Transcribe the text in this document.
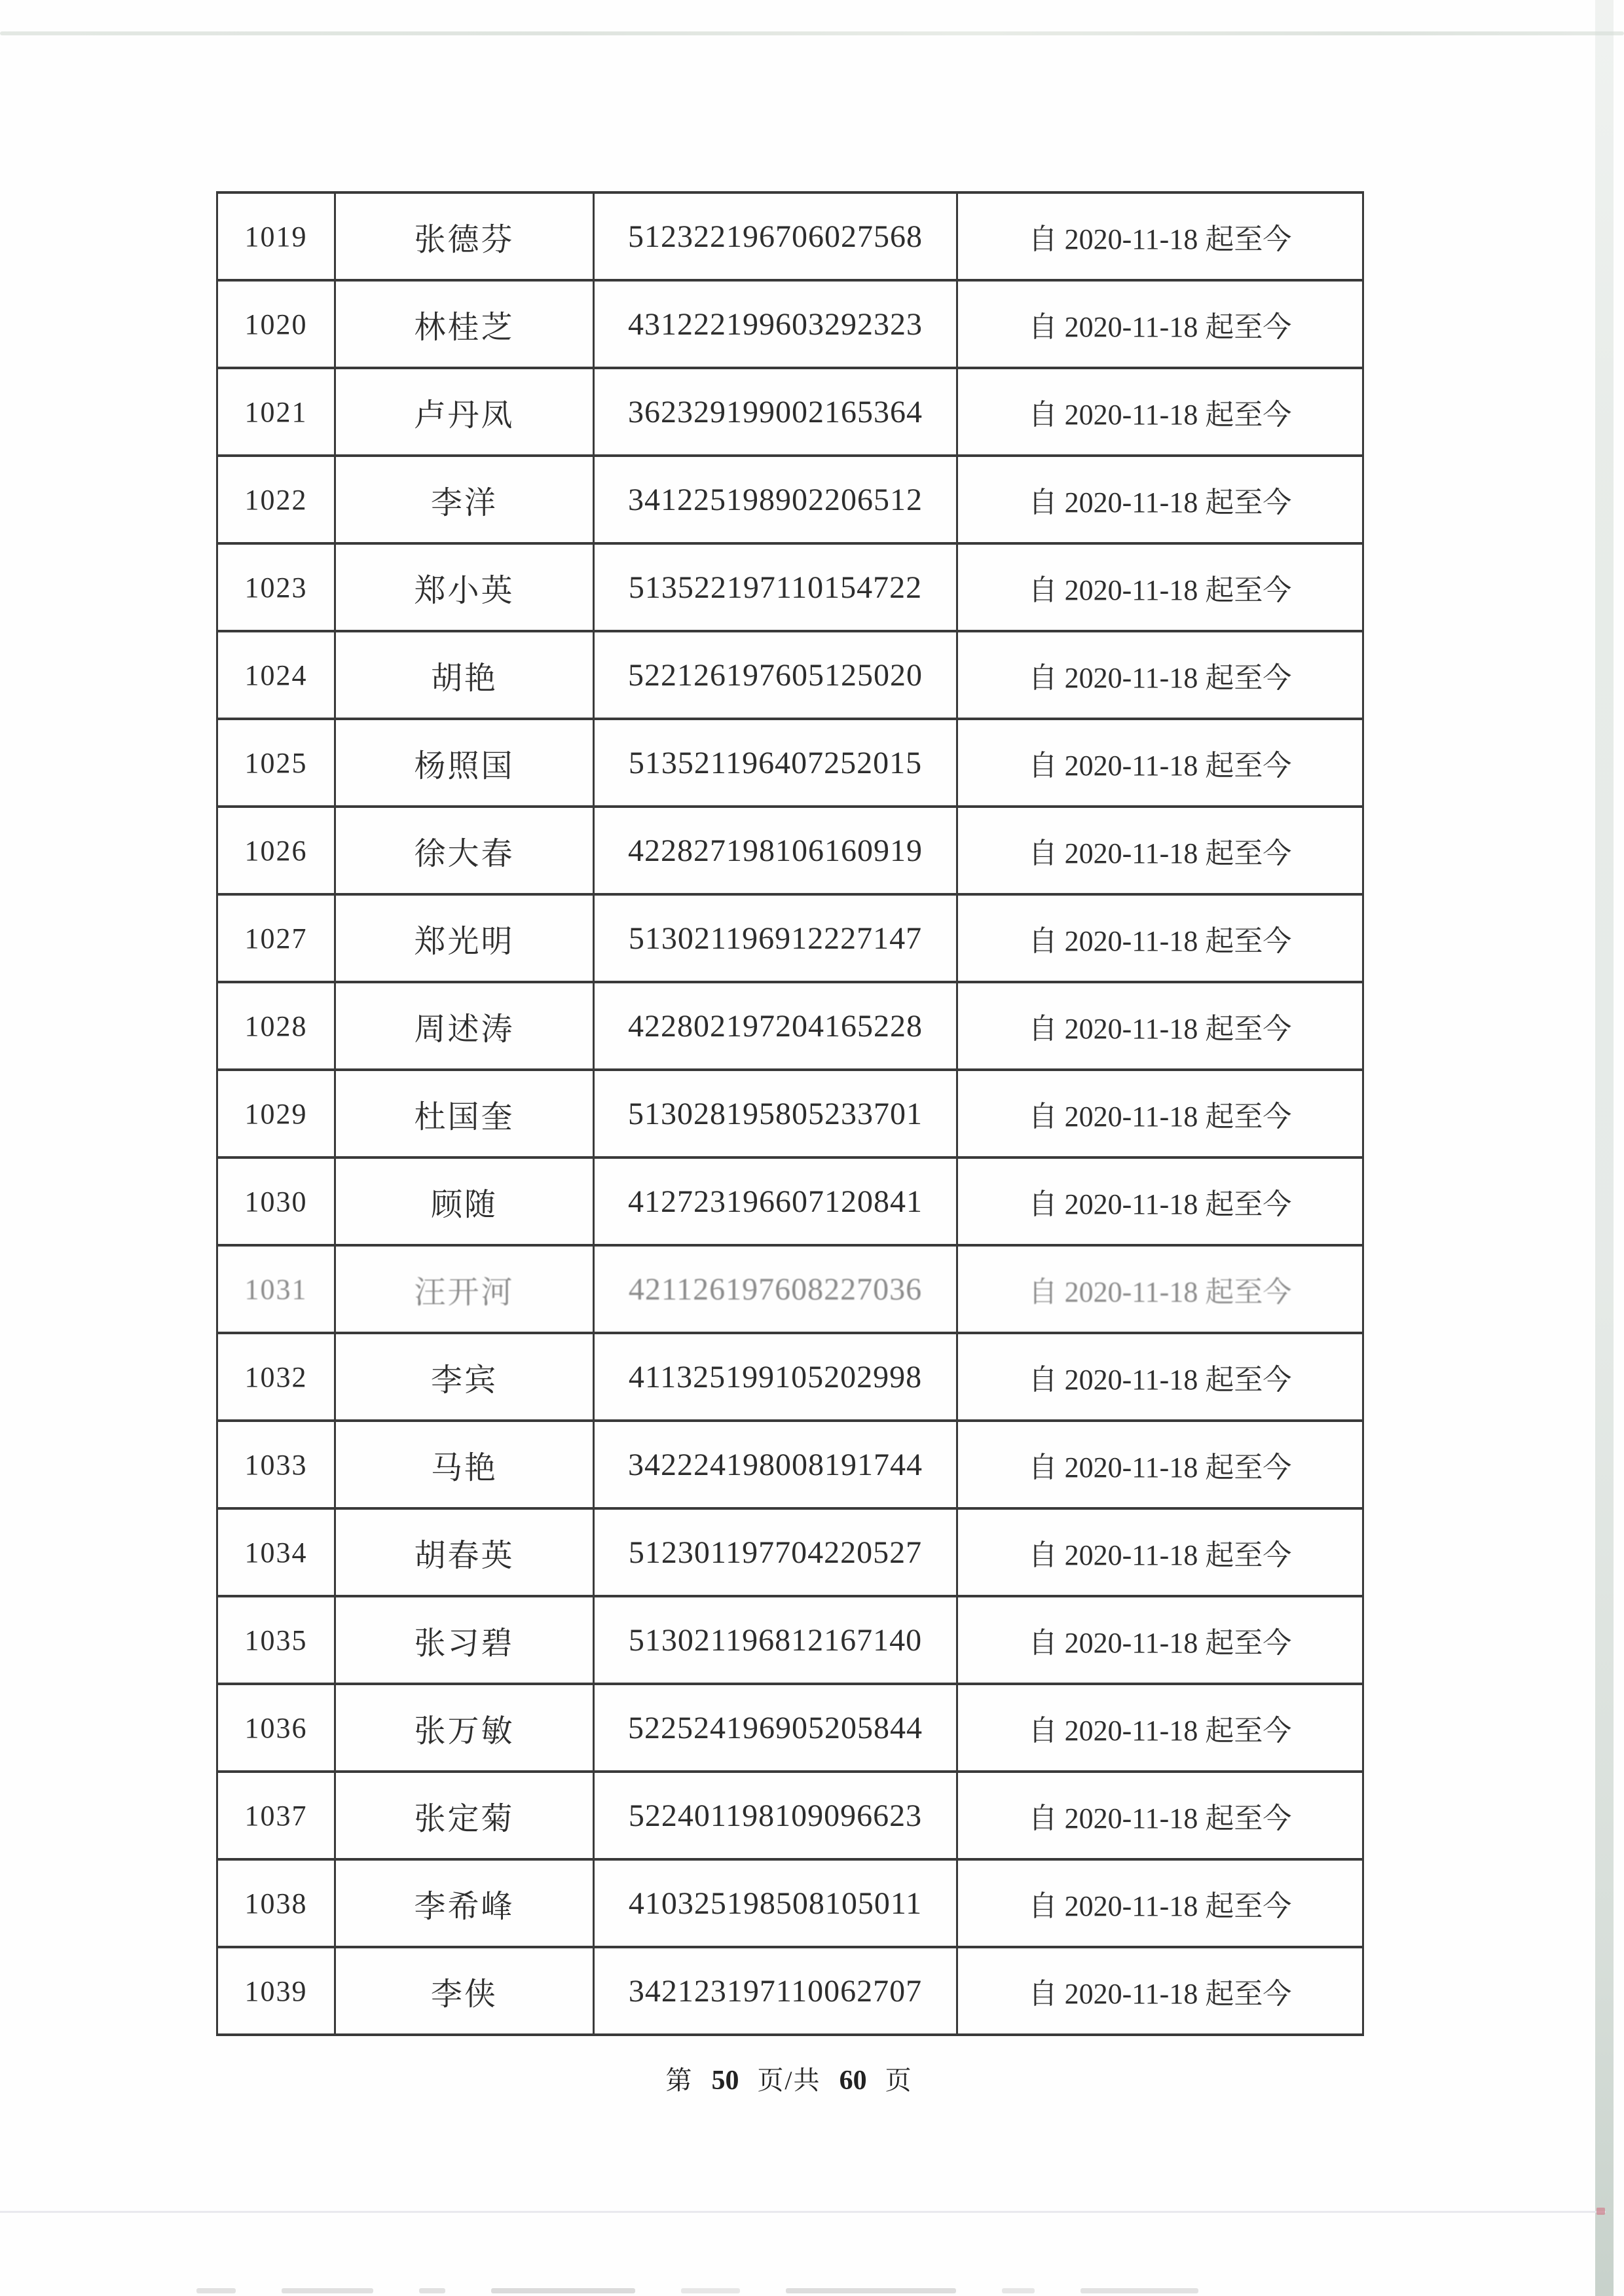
1019	张德芬	512322196706027568	自 2020-11-18 起至今
1020	林桂芝	431222199603292323	自 2020-11-18 起至今
1021	卢丹凤	362329199002165364	自 2020-11-18 起至今
1022	李洋	341225198902206512	自 2020-11-18 起至今
1023	郑小英	513522197110154722	自 2020-11-18 起至今
1024	胡艳	522126197605125020	自 2020-11-18 起至今
1025	杨照国	513521196407252015	自 2020-11-18 起至今
1026	徐大春	422827198106160919	自 2020-11-18 起至今
1027	郑光明	513021196912227147	自 2020-11-18 起至今
1028	周述涛	422802197204165228	自 2020-11-18 起至今
1029	杜国奎	513028195805233701	自 2020-11-18 起至今
1030	顾随	412723196607120841	自 2020-11-18 起至今
1031	汪开河	421126197608227036	自 2020-11-18 起至今
1032	李宾	411325199105202998	自 2020-11-18 起至今
1033	马艳	342224198008191744	自 2020-11-18 起至今
1034	胡春英	512301197704220527	自 2020-11-18 起至今
1035	张习碧	513021196812167140	自 2020-11-18 起至今
1036	张万敏	522524196905205844	自 2020-11-18 起至今
1037	张定菊	522401198109096623	自 2020-11-18 起至今
1038	李希峰	410325198508105011	自 2020-11-18 起至今
1039	李侠	342123197110062707	自 2020-11-18 起至今
第 50 页/共 60 页
